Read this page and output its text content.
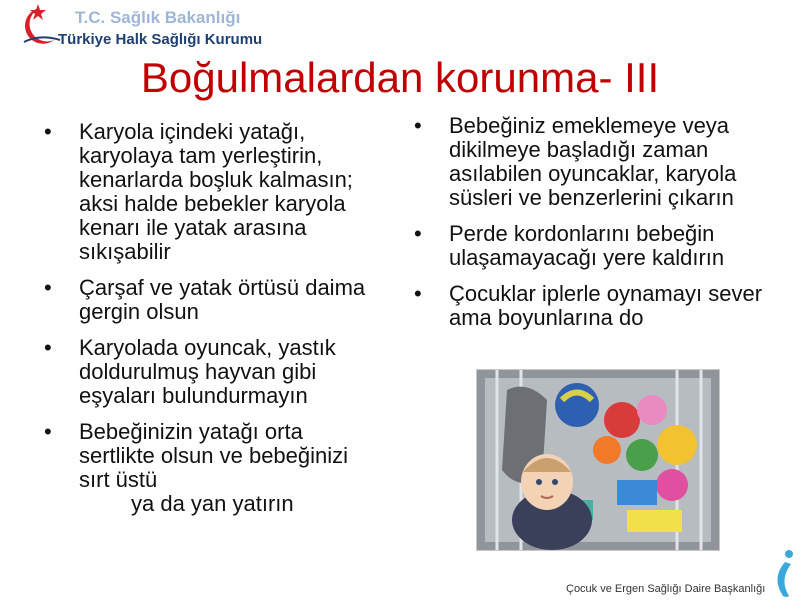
T.C. Sağlık Bakanlığı
Türkiye Halk Sağlığı Kurumu
Boğulmalardan korunma- III
• Karyola içindeki yatağı, karyolaya tam yerleştirin, kenarlarda boşluk kalmasın; aksi halde bebekler karyola kenarı ile yatak arasına sıkışabilir
• Çarşaf ve yatak örtüsü daima gergin olsun
• Karyolada oyuncak, yastık doldurulmuş hayvan gibi eşyaları bulundurmayın
• Bebeğinizin yatağı orta sertlikte olsun ve bebeğinizi sırt üstü
ya da yan yatırın
• Bebeğiniz emeklemeye veya dikilmeye başladığı zaman asılabilen oyuncaklar, karyola süsleri ve benzerlerini çıkarın
• Perde kordonlarını bebeğin ulaşamayacağı yere kaldırın
• Çocuklar iplerle oynamayı sever ama boyunlarına do
Çocuk ve Ergen Sağlığı Daire Başkanlığı
